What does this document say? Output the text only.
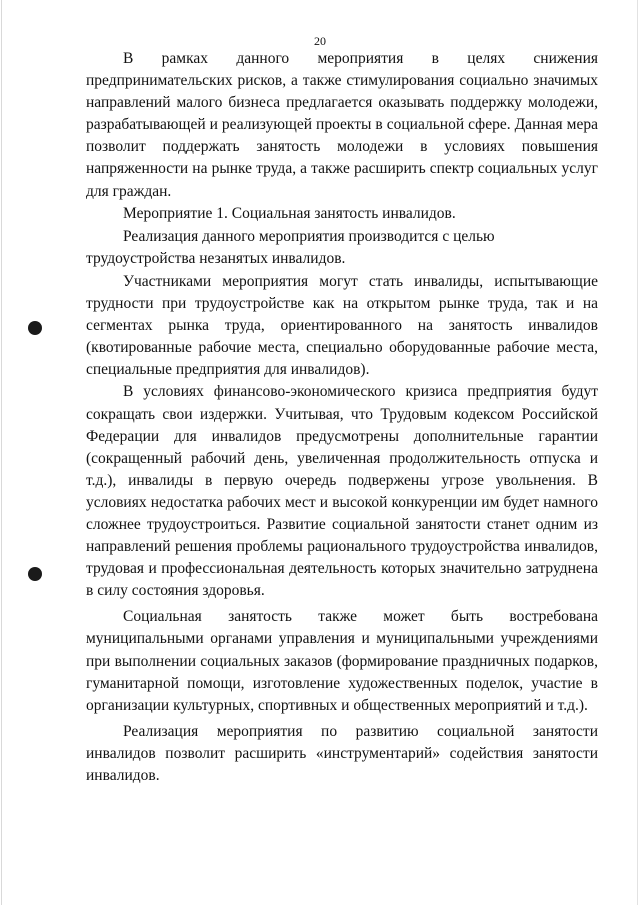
20

В рамках данного мероприятия в целях снижения предпринимательских рисков, а также стимулирования социально значимых направлений малого бизнеса предлагается оказывать поддержку молодежи, разрабатывающей и реализующей проекты в социальной сфере. Данная мера позволит поддержать занятость молодежи в условиях повышения напряженности на рынке труда, а также расширить спектр социальных услуг для граждан.

Мероприятие 1. Социальная занятость инвалидов.

Реализация данного мероприятия производится с целью трудоустройства незанятых инвалидов.

Участниками мероприятия могут стать инвалиды, испытывающие трудности при трудоустройстве как на открытом рынке труда, так и на сегментах рынка труда, ориентированного на занятость инвалидов (квотированные рабочие места, специально оборудованные рабочие места, специальные предприятия для инвалидов).

В условиях финансово-экономического кризиса предприятия будут сокращать свои издержки. Учитывая, что Трудовым кодексом Российской Федерации для инвалидов предусмотрены дополнительные гарантии (сокращенный рабочий день, увеличенная продолжительность отпуска и т.д.), инвалиды в первую очередь подвержены угрозе увольнения. В условиях недостатка рабочих мест и высокой конкуренции им будет намного сложнее трудоустроиться. Развитие социальной занятости станет одним из направлений решения проблемы рационального трудоустройства инвалидов, трудовая и профессиональная деятельность которых значительно затруднена в силу состояния здоровья.

Социальная занятость также может быть востребована муниципальными органами управления и муниципальными учреждениями при выполнении социальных заказов (формирование праздничных подарков, гуманитарной помощи, изготовление художественных поделок, участие в организации культурных, спортивных и общественных мероприятий и т.д.).

Реализация мероприятия по развитию социальной занятости инвалидов позволит расширить «инструментарий» содействия занятости инвалидов.
